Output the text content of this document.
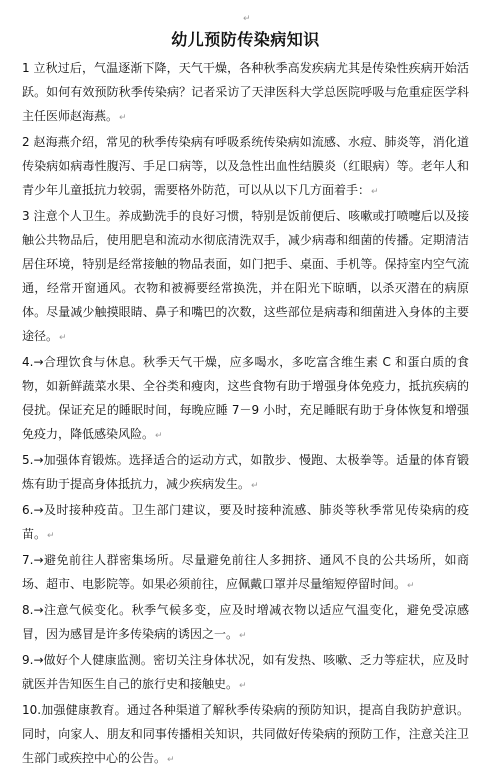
↵
幼儿预防传染病知识

1 立秋过后，气温逐渐下降，天气干燥，各种秋季高发疾病尤其是传染性疾病开始活跃。如何有效预防秋季传染病？记者采访了天津医科大学总医院呼吸与危重症医学科主任医师赵海燕。↵

2 赵海燕介绍，常见的秋季传染病有呼吸系统传染病如流感、水痘、肺炎等，消化道传染病如病毒性腹泻、手足口病等，以及急性出血性结膜炎（红眼病）等。老年人和青少年儿童抵抗力较弱，需要格外防范，可以从以下几方面着手：↵

3 注意个人卫生。养成勤洗手的良好习惯，特别是饭前便后、咳嗽或打喷嚏后以及接触公共物品后，使用肥皂和流动水彻底清洗双手，减少病毒和细菌的传播。定期清洁居住环境，特别是经常接触的物品表面，如门把手、桌面、手机等。保持室内空气流通，经常开窗通风。衣物和被褥要经常换洗，并在阳光下晾晒，以杀灭潜在的病原体。尽量减少触摸眼睛、鼻子和嘴巴的次数，这些部位是病毒和细菌进入身体的主要途径。↵

4.→合理饮食与休息。秋季天气干燥，应多喝水，多吃富含维生素 C 和蛋白质的食物，如新鲜蔬菜水果、全谷类和瘦肉，这些食物有助于增强身体免疫力，抵抗疾病的侵扰。保证充足的睡眠时间，每晚应睡 7－9 小时，充足睡眠有助于身体恢复和增强免疫力，降低感染风险。↵

5.→加强体育锻炼。选择适合的运动方式，如散步、慢跑、太极拳等。适量的体育锻炼有助于提高身体抵抗力，减少疾病发生。↵

6.→及时接种疫苗。卫生部门建议，要及时接种流感、肺炎等秋季常见传染病的疫苗。↵

7.→避免前往人群密集场所。尽量避免前往人多拥挤、通风不良的公共场所，如商场、超市、电影院等。如果必须前往，应佩戴口罩并尽量缩短停留时间。↵

8.→注意气候变化。秋季气候多变，应及时增减衣物以适应气温变化，避免受凉感冒，因为感冒是许多传染病的诱因之一。↵

9.→做好个人健康监测。密切关注身体状况，如有发热、咳嗽、乏力等症状，应及时就医并告知医生自己的旅行史和接触史。↵

10.加强健康教育。通过各种渠道了解秋季传染病的预防知识，提高自我防护意识。同时，向家人、朋友和同事传播相关知识，共同做好传染病的预防工作，注意关注卫生部门或疾控中心的公告。↵
